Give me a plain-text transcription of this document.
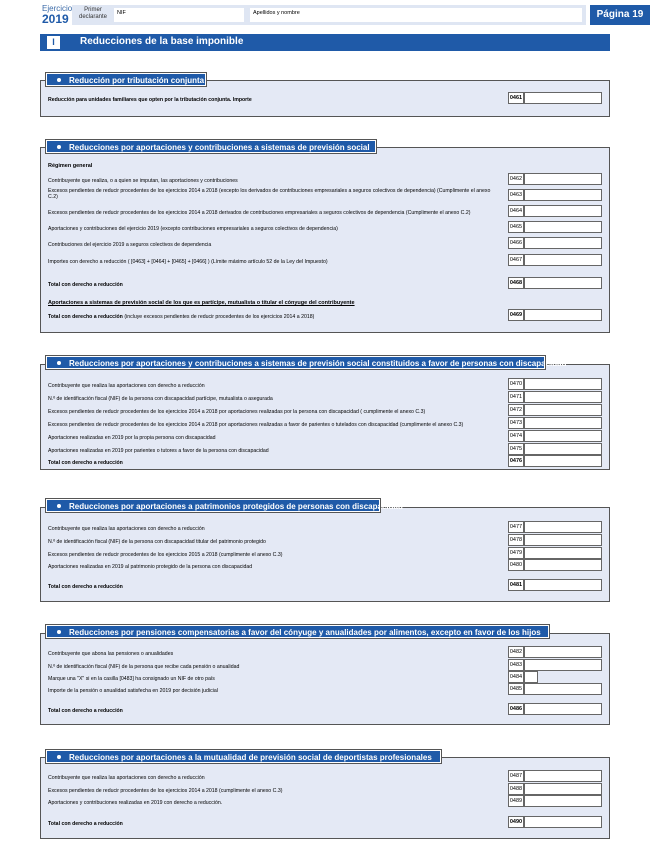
Ejercicio
2019
Primer declarante
NIF	Apellidos y nombre	Página 19
I	Reducciones de la base imponible
Reducción por tributación conjunta
Reducción para unidades familiares que opten por la tributación conjunta. Importe	0461
Reducciones por aportaciones y contribuciones a sistemas de previsión social
Régimen general
Contribuyente que realiza, o a quien se imputan, las aportaciones y contribuciones	0462
Excesos pendientes de reducir procedentes de los ejercicios 2014 a 2018 (excepto los derivados de contribuciones empresariales a seguros colectivos de dependencia) (Cumplimente el anexo C.2)	0463
Excesos pendientes de reducir procedentes de los ejercicios 2014 a 2018 derivados de contribuciones empresariales a seguros colectivos de dependencia (Cumplimente el anexo C.2)	0464
Aportaciones y contribuciones del ejercicio 2019 (excepto contribuciones empresariales a seguros colectivos de dependencia)	0465
Contribuciones del ejercicio 2019 a seguros colectivos de dependencia	0466
Importes con derecho a reducción ( [0463] + [0464] + [0465] + [0466] ) (Límite máximo artículo 52 de la Ley del Impuesto)	0467
Total con derecho a reducción	0468
Aportaciones a sistemas de previsión social de los que es partícipe, mutualista o titular el cónyuge del contribuyente
Total con derecho a reducción (incluye excesos pendientes de reducir procedentes de los ejercicios 2014 a 2018)	0469
Reducciones por aportaciones y contribuciones a sistemas de previsión social constituidos a favor de personas con discapacidad
Contribuyente que realiza las aportaciones con derecho a reducción	0470
N.º de identificación fiscal (NIF) de la persona con discapacidad partícipe, mutualista o asegurada	0471
Excesos pendientes de reducir procedentes de los ejercicios 2014 a 2018 por aportaciones realizadas por la persona con discapacidad ( cumplimente el anexo C.3)	0472
Excesos pendientes de reducir procedentes de los ejercicios 2014 a 2018 por aportaciones realizadas a favor de parientes o tutelados con discapacidad (cumplimente el anexo C.3)	0473
Aportaciones realizadas en 2019 por la propia persona con discapacidad	0474
Aportaciones realizadas en 2019 por parientes o tutores a favor de la persona con discapacidad	0475
Total con derecho a reducción	0476
Reducciones por aportaciones a patrimonios protegidos de personas con discapacidad
Contribuyente que realiza las aportaciones con derecho a reducción	0477
N.º de identificación fiscal (NIF) de la persona con discapacidad titular del patrimonio protegido	0478
Excesos pendientes de reducir procedentes de los ejercicios 2015 a 2018 (cumplimente el anexo C.3)	0479
Aportaciones realizadas en 2019 al patrimonio protegido de la persona con discapacidad	0480
Total con derecho a reducción	0481
Reducciones por pensiones compensatorias a favor del cónyuge y anualidades por alimentos, excepto en favor de los hijos
Contribuyente que abona las pensiones o anualidades	0482
N.º de identificación fiscal (NIF) de la persona que recibe cada pensión o anualidad	0483
Marque una "X" si en la casilla [0483] ha consignado un NIF de otro país	0484
Importe de la pensión o anualidad satisfecha en 2019 por decisión judicial	0485
Total con derecho a reducción	0486
Reducciones por aportaciones a la mutualidad de previsión social de deportistas profesionales
Contribuyente que realiza las aportaciones con derecho a reducción	0487
Excesos pendientes de reducir procedentes de los ejercicios 2014 a 2018 (cumplimente el anexo C.3)	0488
Aportaciones y contribuciones realizadas en 2019 con derecho a reducción.	0489
Total con derecho a reducción	0490
